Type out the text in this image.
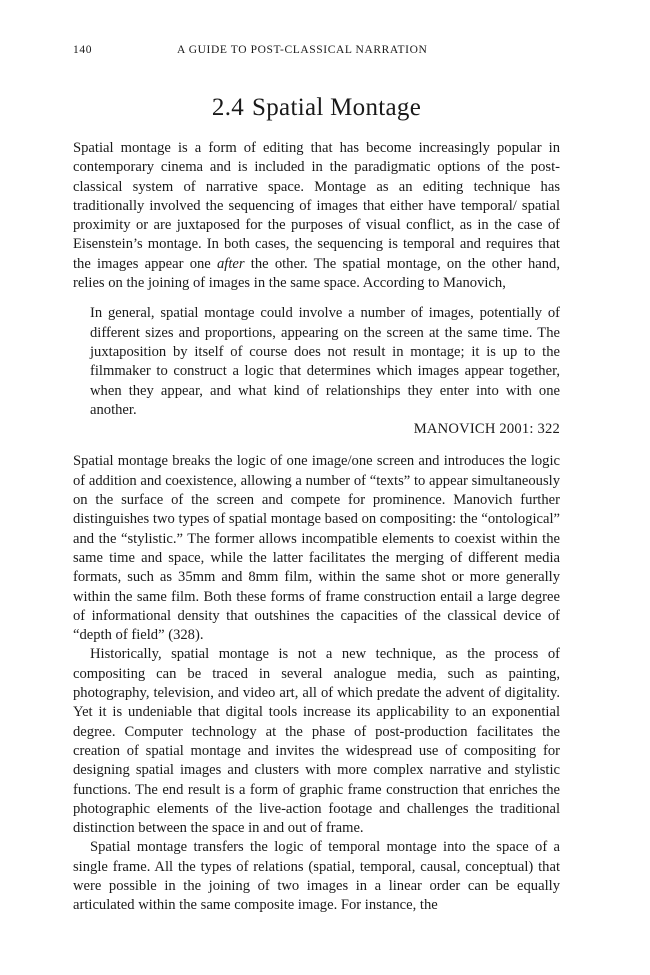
140	A GUIDE TO POST-CLASSICAL NARRATION
2.4 Spatial Montage

Spatial montage is a form of editing that has become increasingly popular in contemporary cinema and is included in the paradigmatic options of the post-classical system of narrative space. Montage as an editing technique has traditionally involved the sequencing of images that either have temporal/ spatial proximity or are juxtaposed for the purposes of visual conflict, as in the case of Eisenstein’s montage. In both cases, the sequencing is temporal and requires that the images appear one after the other. The spatial montage, on the other hand, relies on the joining of images in the same space. According to Manovich,

In general, spatial montage could involve a number of images, potentially of different sizes and proportions, appearing on the screen at the same time. The juxtaposition by itself of course does not result in montage; it is up to the filmmaker to construct a logic that determines which images appear together, when they appear, and what kind of relationships they enter into with one another.

MANOVICH 2001: 322

Spatial montage breaks the logic of one image/one screen and introduces the logic of addition and coexistence, allowing a number of “texts” to appear simultaneously on the surface of the screen and compete for prominence. Manovich further distinguishes two types of spatial montage based on compositing: the “ontological” and the “stylistic.” The former allows incompatible elements to coexist within the same time and space, while the latter facilitates the merging of different media formats, such as 35mm and 8mm film, within the same shot or more generally within the same film. Both these forms of frame construction entail a large degree of informational density that outshines the capacities of the classical device of “depth of field” (328).

Historically, spatial montage is not a new technique, as the process of compositing can be traced in several analogue media, such as painting, photography, television, and video art, all of which predate the advent of digitality. Yet it is undeniable that digital tools increase its applicability to an exponential degree. Computer technology at the phase of post-production facilitates the creation of spatial montage and invites the widespread use of compositing for designing spatial images and clusters with more complex narrative and stylistic functions. The end result is a form of graphic frame construction that enriches the photographic elements of the live-action footage and challenges the traditional distinction between the space in and out of frame.

Spatial montage transfers the logic of temporal montage into the space of a single frame. All the types of relations (spatial, temporal, causal, conceptual) that were possible in the joining of two images in a linear order can be equally articulated within the same composite image. For instance, the
